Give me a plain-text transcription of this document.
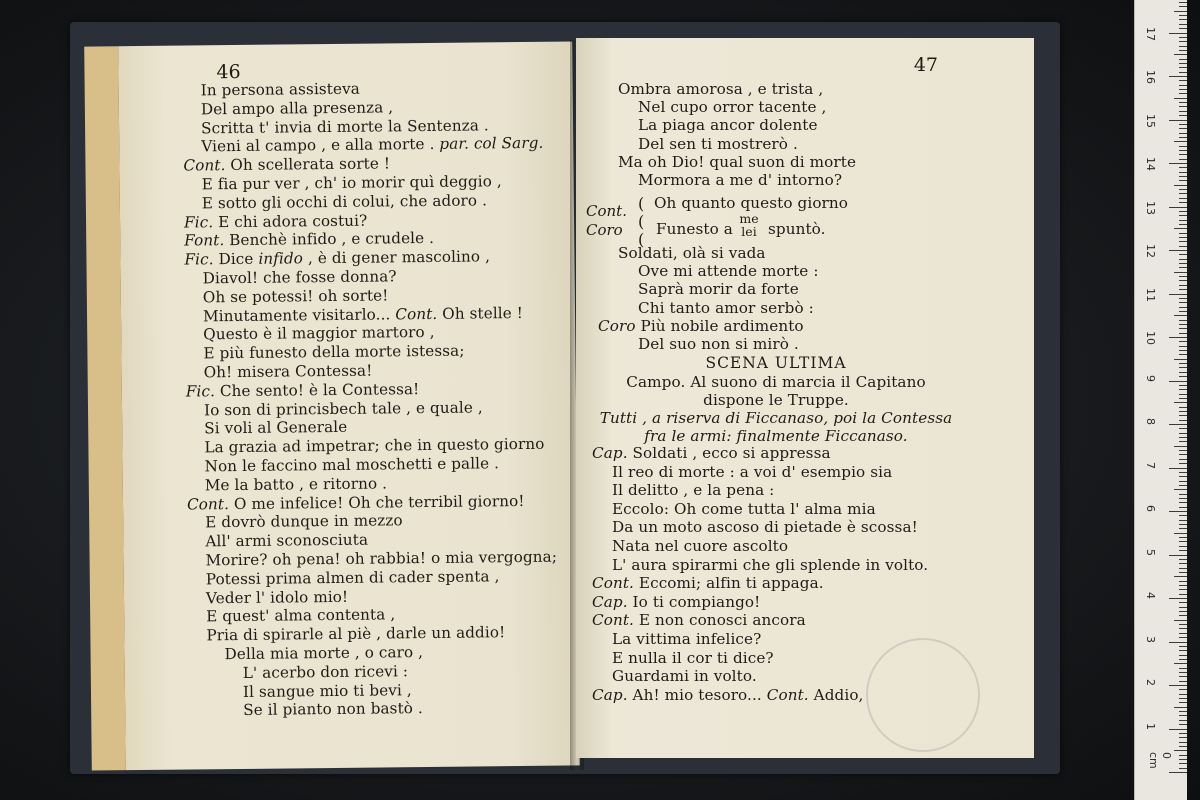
46
In persona assisteva
Del ampo alla presenza ,
Scritta t' invia di morte la Sentenza .
Vieni al campo , e alla morte . par. col Sarg.
Cont. Oh scellerata sorte !
E fia pur ver , ch' io morir quì deggio ,
E sotto gli occhi di colui, che adoro .
Fic. E chi adora costui?
Font. Benchè infido , e crudele .
Fic. Dice infido , è di gener mascolino ,
Diavol! che fosse donna?
Oh se potessi! oh sorte!
Minutamente visitarlo... Cont. Oh stelle !
Questo è il maggior martoro ,
E più funesto della morte istessa;
Oh! misera Contessa!
Fic. Che sento! è la Contessa!
Io son di princisbech tale , e quale ,
Si voli al Generale
La grazia ad impetrar; che in questo giorno
Non le faccino mal moschetti e palle .
Me la batto , e ritorno .
Cont. O me infelice! Oh che terribil giorno!
E dovrò dunque in mezzo
All' armi sconosciuta
Morire? oh pena! oh rabbia! o mia vergogna;
Potessi prima almen di cader spenta ,
Veder l' idolo mio!
E quest' alma contenta ,
Pria di spirarle al piè , darle un addio!
Della mia morte , o caro ,
L' acerbo don ricevi :
Il sangue mio ti bevi ,
Se il pianto non bastò .
47
Ombra amorosa , e trista ,
Nel cupo orror tacente ,
La piaga ancor dolente
Del sen ti mostrerò .
Ma oh Dio! qual suon di morte
Mormora a me d' intorno?
Soldati, olà si vada
Ove mi attende morte :
Saprà morir da forte
Chi tanto amor serbò :
Coro Più nobile ardimento
Del suo non si mirò .
SCENA ULTIMA
Campo. Al suono di marcia il Capitano
dispone le Truppe.
Tutti , a riserva di Ficcanaso, poi la Contessa
fra le armi: finalmente Ficcanaso.
Cap. Soldati , ecco si appressa
Il reo di morte : a voi d' esempio sia
Il delitto , e la pena :
Eccolo: Oh come tutta l' alma mia
Da un moto ascoso di pietade è scossa!
Nata nel cuore ascolto
L' aura spirarmi che gli splende in volto.
Cont. Eccomi; alfin ti appaga.
Cap. Io ti compiango!
Cont. E non conosci ancora
La vittima infelice?
E nulla il cor ti dice?
Guardami in volto.
Cap. Ah! mio tesoro... Cont. Addio,
Cont.
Coro
(
(
(
Oh quanto questo giorno
Funesto a
me
lei spuntò.
0 cm
1
2
3
4
5
6
7
8
9
10
11
12
13
14
15
16
17
